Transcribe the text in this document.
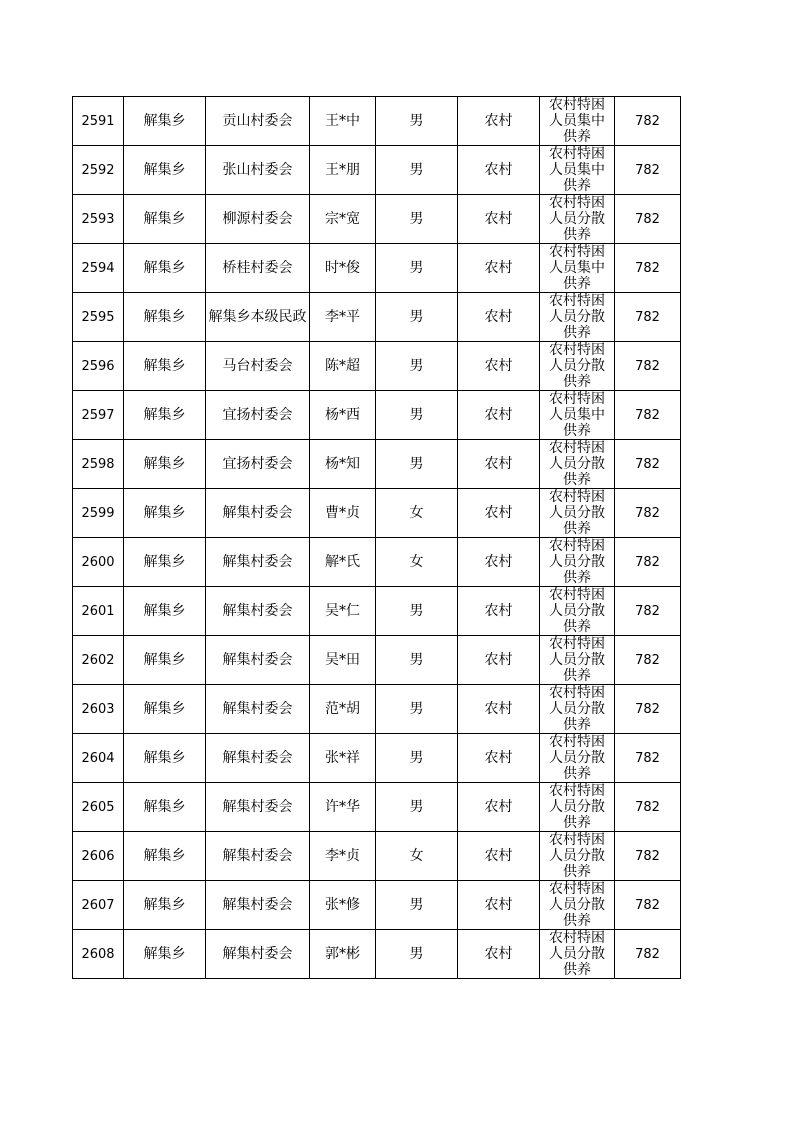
2591	解集乡	贡山村委会	王*中	男	农村	农村特困人员集中供养	782
2592	解集乡	张山村委会	王*朋	男	农村	农村特困人员集中供养	782
2593	解集乡	柳源村委会	宗*宽	男	农村	农村特困人员分散供养	782
2594	解集乡	桥桂村委会	时*俊	男	农村	农村特困人员集中供养	782
2595	解集乡	解集乡本级民政	李*平	男	农村	农村特困人员分散供养	782
2596	解集乡	马台村委会	陈*超	男	农村	农村特困人员分散供养	782
2597	解集乡	宜扬村委会	杨*西	男	农村	农村特困人员集中供养	782
2598	解集乡	宜扬村委会	杨*知	男	农村	农村特困人员分散供养	782
2599	解集乡	解集村委会	曹*贞	女	农村	农村特困人员分散供养	782
2600	解集乡	解集村委会	解*氏	女	农村	农村特困人员分散供养	782
2601	解集乡	解集村委会	吴*仁	男	农村	农村特困人员分散供养	782
2602	解集乡	解集村委会	吴*田	男	农村	农村特困人员分散供养	782
2603	解集乡	解集村委会	范*胡	男	农村	农村特困人员分散供养	782
2604	解集乡	解集村委会	张*祥	男	农村	农村特困人员分散供养	782
2605	解集乡	解集村委会	许*华	男	农村	农村特困人员分散供养	782
2606	解集乡	解集村委会	李*贞	女	农村	农村特困人员分散供养	782
2607	解集乡	解集村委会	张*修	男	农村	农村特困人员分散供养	782
2608	解集乡	解集村委会	郭*彬	男	农村	农村特困人员分散供养	782
